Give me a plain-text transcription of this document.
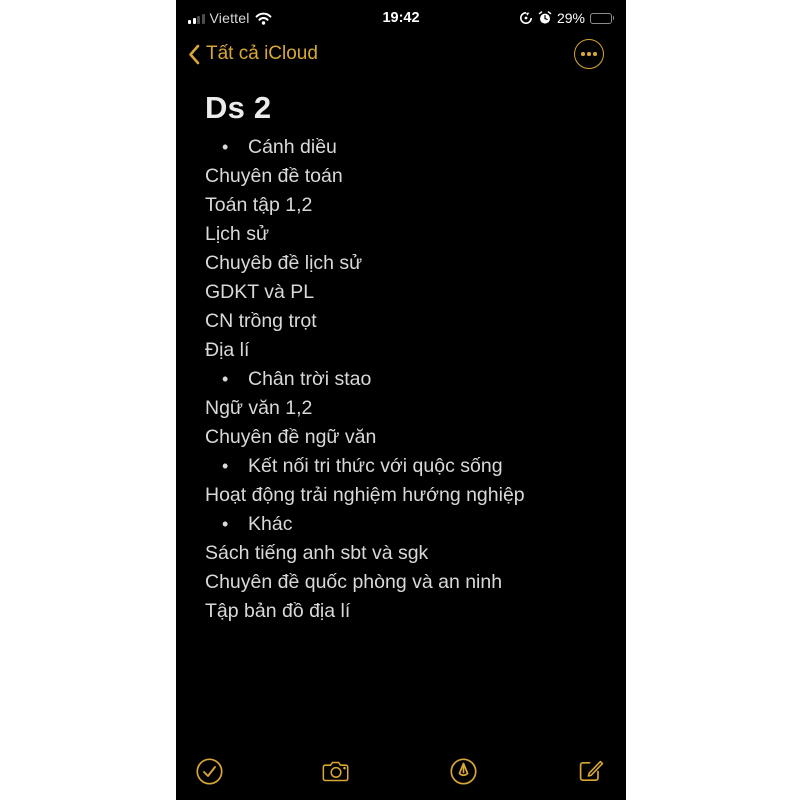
Viettel	19:42	29%
Tất cả iCloud
Ds 2
• Cánh diều
Chuyên đề toán
Toán tập 1,2
Lịch sử
Chuyêb đề lịch sử
GDKT và PL
CN trồng trọt
Địa lí
• Chân trời stao
Ngữ văn 1,2
Chuyên đề ngữ văn
• Kết nối tri thức với quộc sống
Hoạt động trải nghiệm hướng nghiệp
• Khác
Sách tiếng anh sbt và sgk
Chuyên đề quốc phòng và an ninh
Tập bản đồ địa lí
